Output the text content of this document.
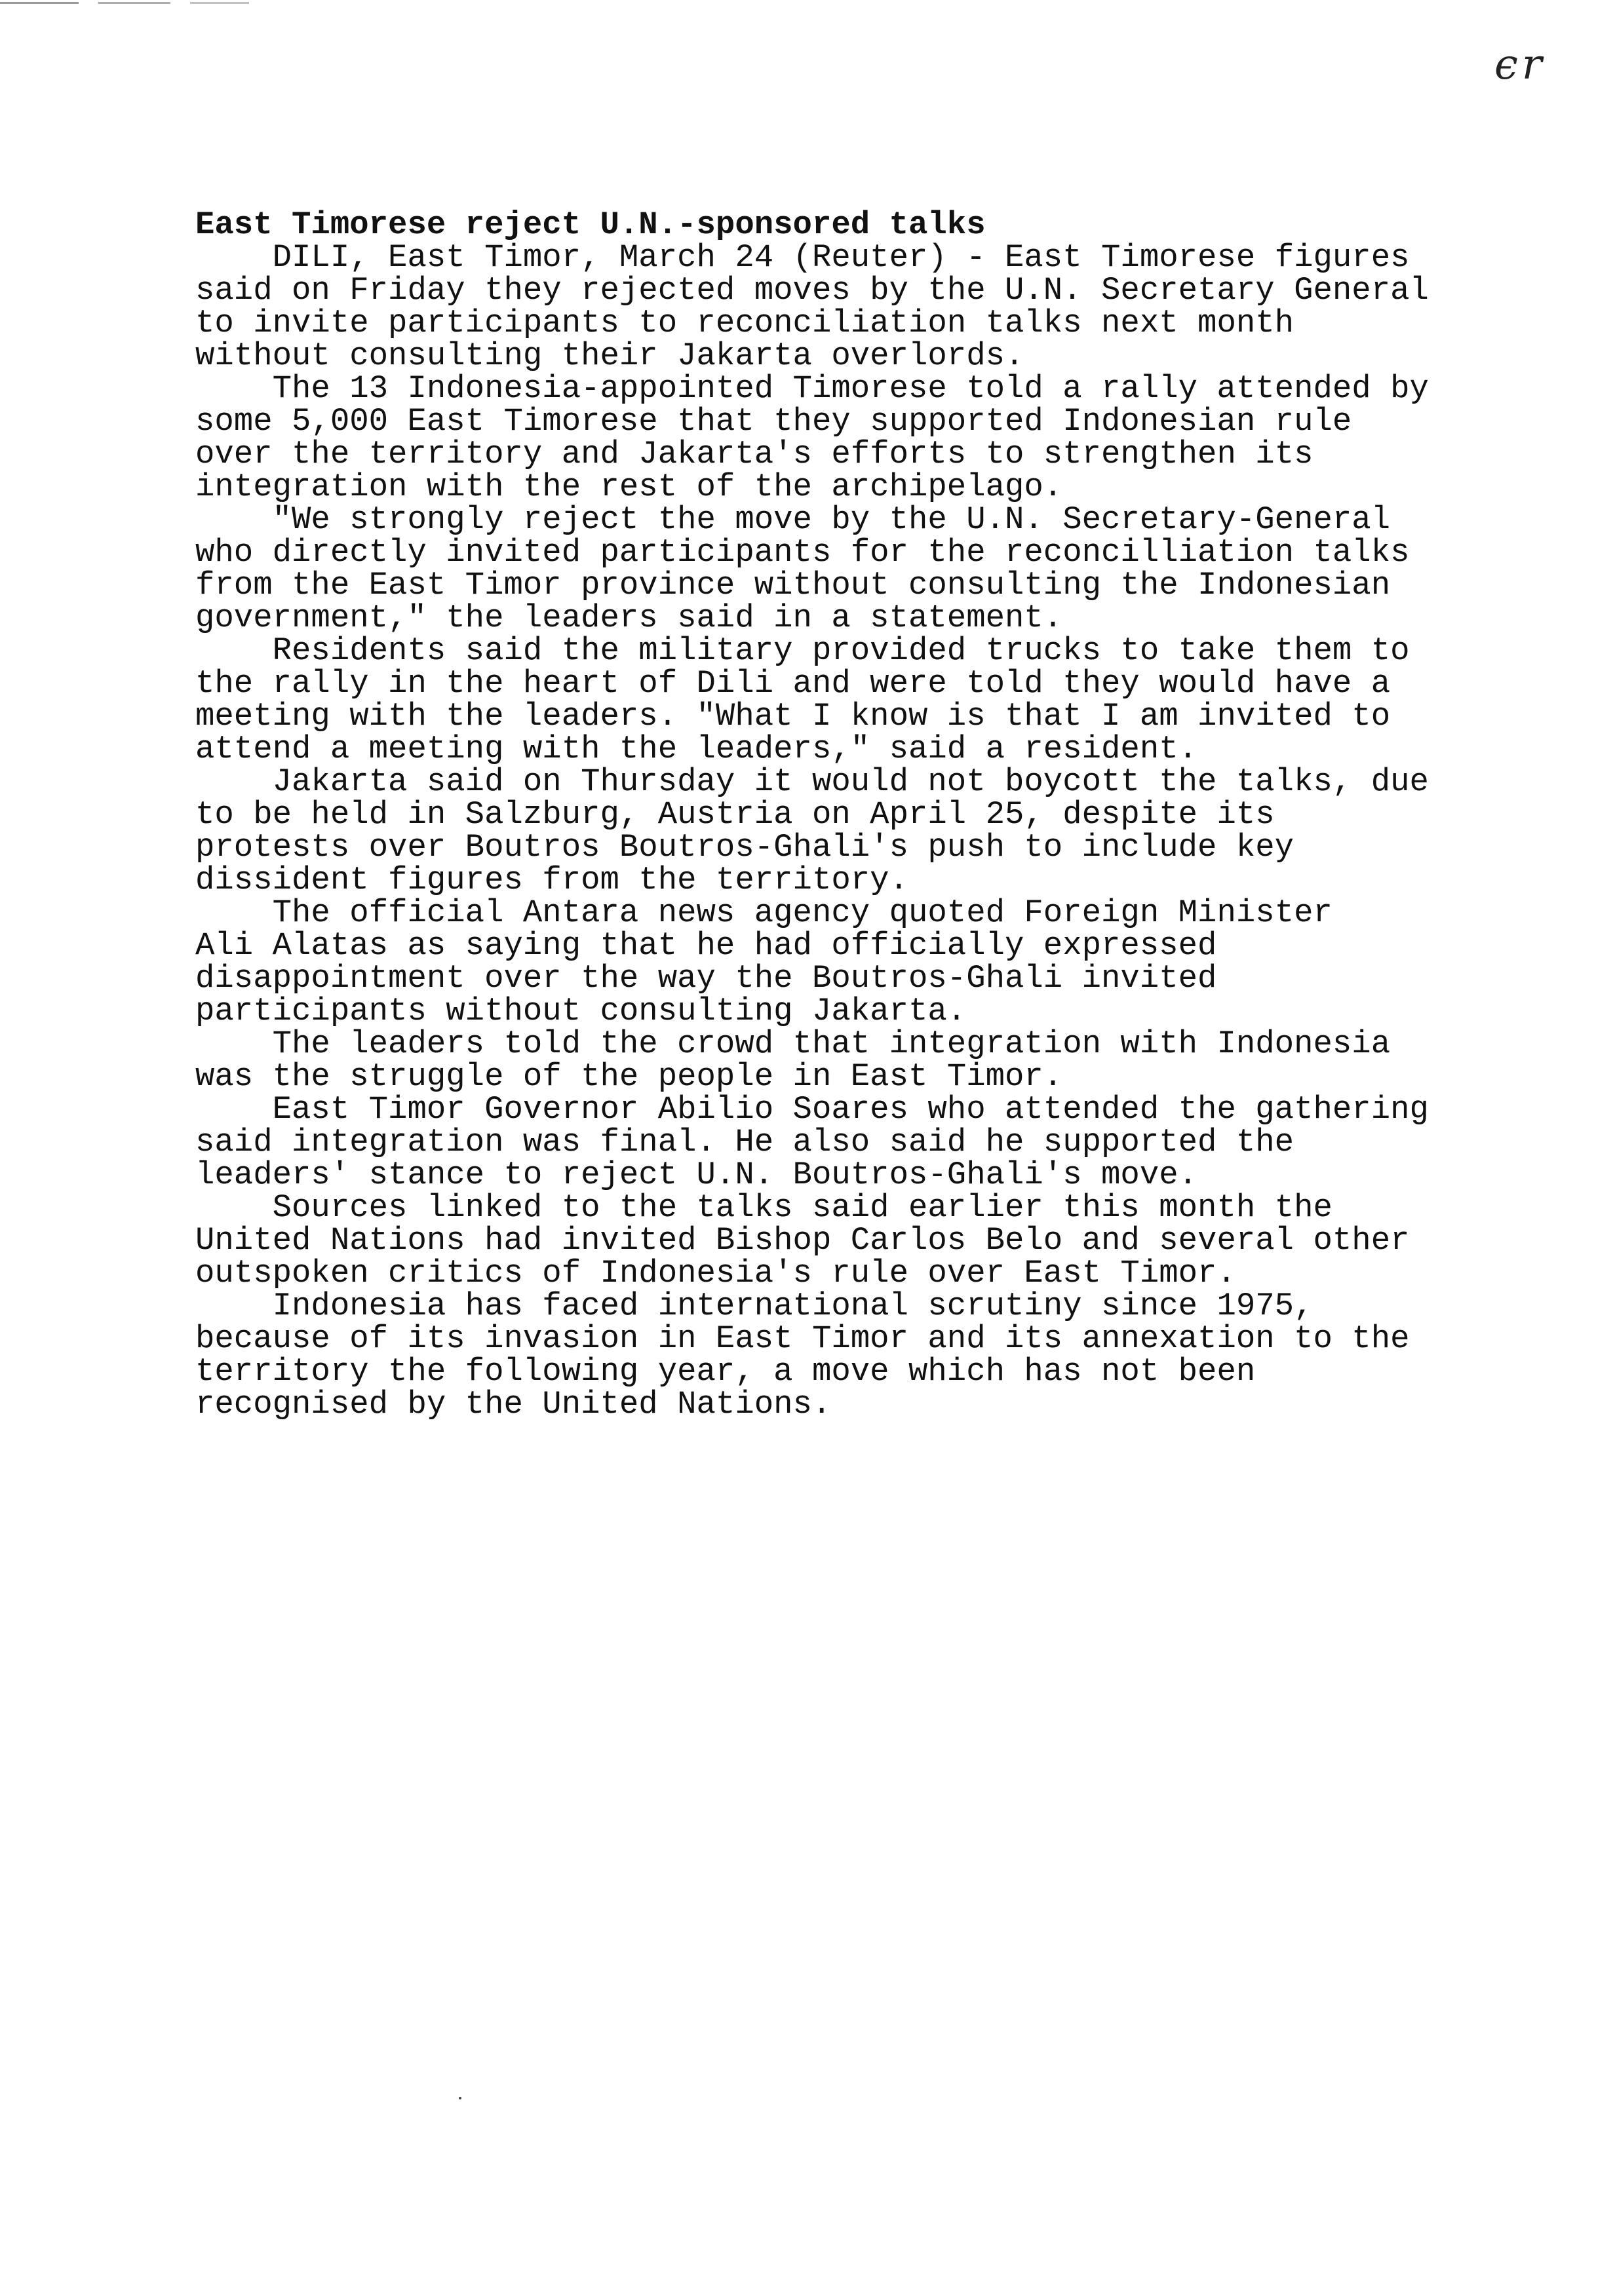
ϵr
East Timorese reject U.N.-sponsored talks

DILI, East Timor, March 24 (Reuter) - East Timorese figures
said on Friday they rejected moves by the U.N. Secretary General
to invite participants to reconciliation talks next month
without consulting their Jakarta overlords.

The 13 Indonesia-appointed Timorese told a rally attended by
some 5,000 East Timorese that they supported Indonesian rule
over the territory and Jakarta's efforts to strengthen its
integration with the rest of the archipelago.

"We strongly reject the move by the U.N. Secretary-General
who directly invited participants for the reconcilliation talks
from the East Timor province without consulting the Indonesian
government," the leaders said in a statement.

Residents said the military provided trucks to take them to
the rally in the heart of Dili and were told they would have a
meeting with the leaders. "What I know is that I am invited to
attend a meeting with the leaders," said a resident.

Jakarta said on Thursday it would not boycott the talks, due
to be held in Salzburg, Austria on April 25, despite its
protests over Boutros Boutros-Ghali's push to include key
dissident figures from the territory.

The official Antara news agency quoted Foreign Minister
Ali Alatas as saying that he had officially expressed
disappointment over the way the Boutros-Ghali invited
participants without consulting Jakarta.

The leaders told the crowd that integration with Indonesia
was the struggle of the people in East Timor.

East Timor Governor Abilio Soares who attended the gathering
said integration was final. He also said he supported the
leaders' stance to reject U.N. Boutros-Ghali's move.

Sources linked to the talks said earlier this month the
United Nations had invited Bishop Carlos Belo and several other
outspoken critics of Indonesia's rule over East Timor.

Indonesia has faced international scrutiny since 1975,
because of its invasion in East Timor and its annexation to the
territory the following year, a move which has not been
recognised by the United Nations.
